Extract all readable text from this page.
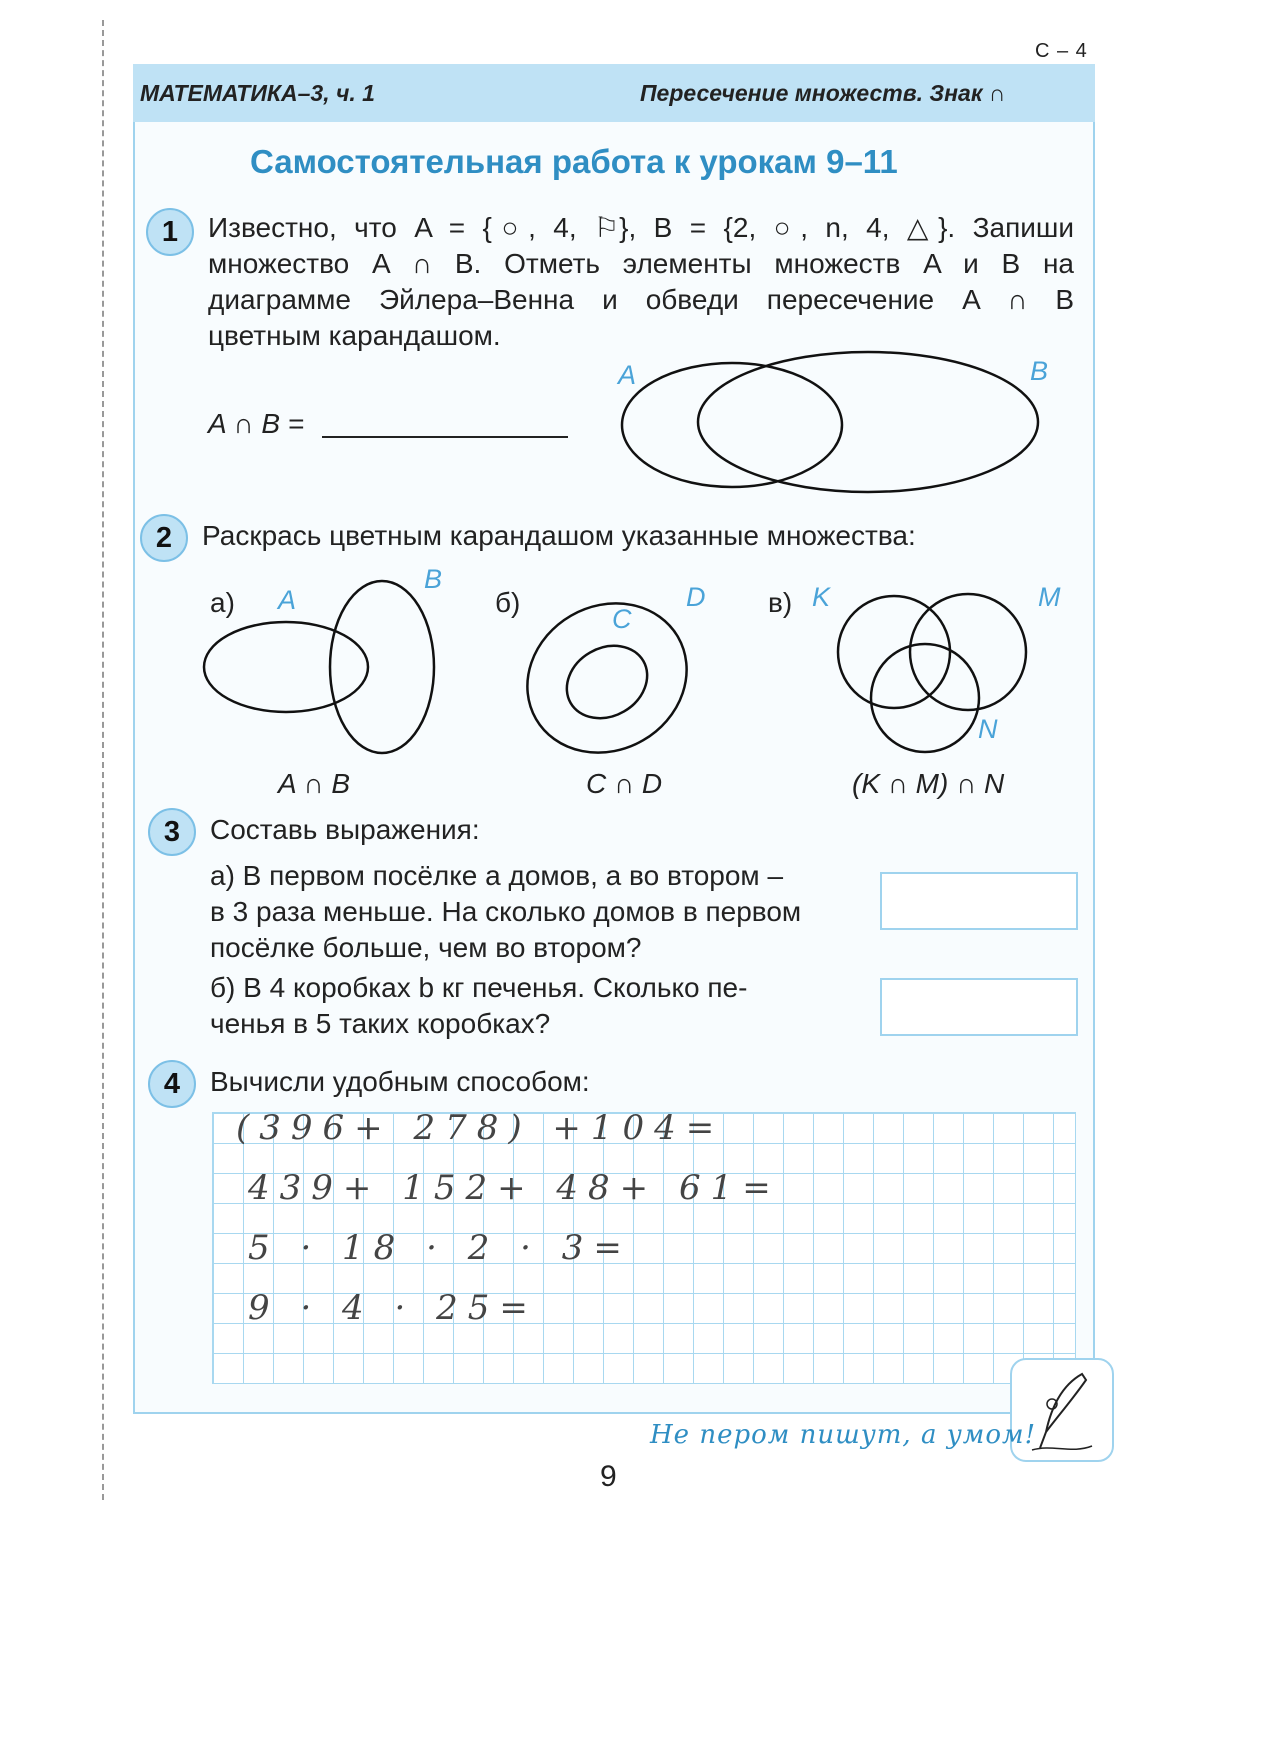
С – 4
МАТЕМАТИКА–3, ч. 1	Пересечение множеств. Знак ∩
Самостоятельная работа к урокам 9–11
1	Известно, что A = {○, 4, ⚐}, B = {2, ○, n, 4, △}. Запиши
множество A ∩ B. Отметь элементы множеств A и B на
диаграмме Эйлера–Венна и обведи пересечение A ∩ B
цветным карандашом.
A ∩ B =
A	B
2	Раскрась цветным карандашом указанные множества:
а) A
B
A ∩ B
б)
C
D
C ∩ D
в) K	M
N
(K ∩ M) ∩ N
3	Составь выражения:
а) В первом посёлке a домов, а во втором –
в 3 раза меньше. На сколько домов в первом
посёлке больше, чем во втором?
б) В 4 коробках b кг печенья. Сколько пе-
ченья в 5 таких коробках?
4	Вычисли удобным способом:
(396+ 278) +104=
439+ 152+ 48+ 61=
5 · 18 · 2 · 3=
9 · 4 · 25=
Не пером пишут, а умом!
9
